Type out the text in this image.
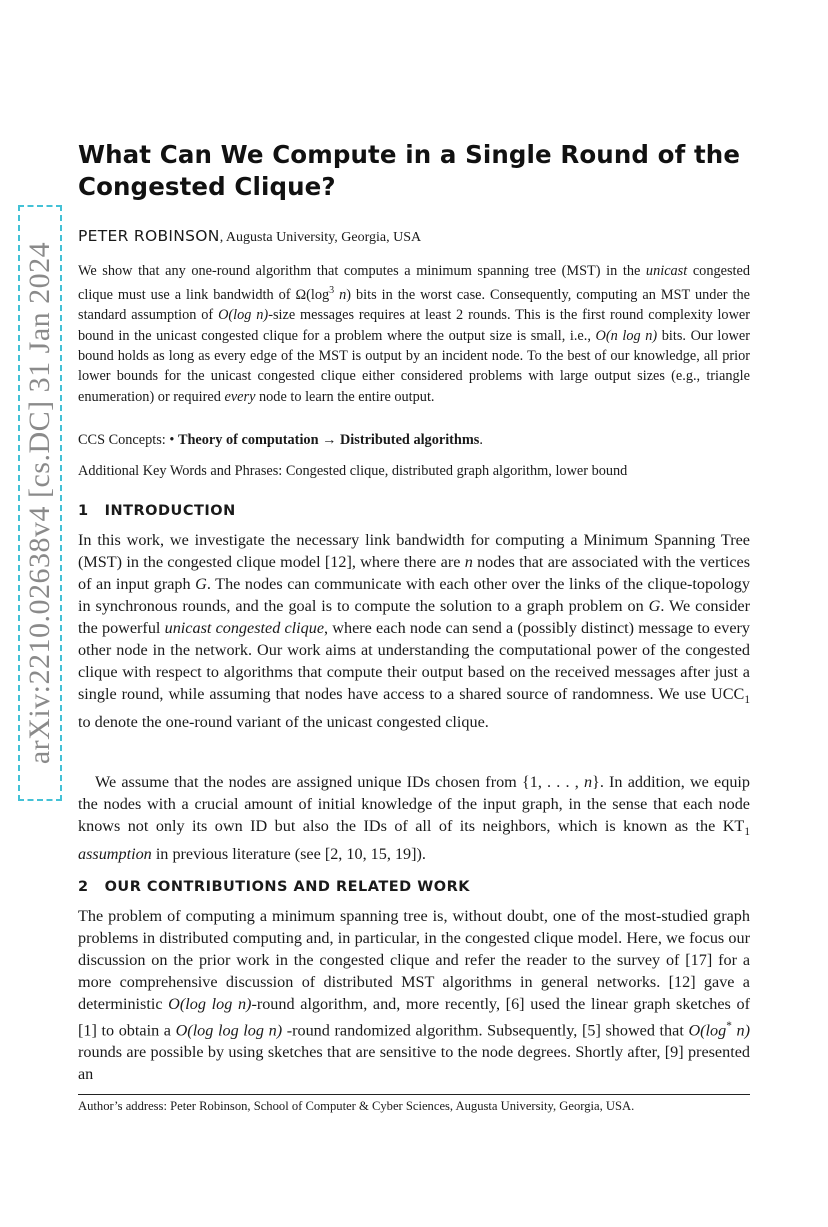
arXiv:2210.02638v4 [cs.DC] 31 Jan 2024
What Can We Compute in a Single Round of the Congested Clique?
PETER ROBINSON, Augusta University, Georgia, USA

We show that any one-round algorithm that computes a minimum spanning tree (MST) in the unicast congested clique must use a link bandwidth of $\Omega(\log^3$ n) bits in the worst case. Consequently, computing an MST under the standard assumption of O(log n)-size messages requires at least 2 rounds. This is the first round complexity lower bound in the unicast congested clique for a problem where the output size is small, i.e., O(n log n) bits. Our lower bound holds as long as every edge of the MST is output by an incident node. To the best of our knowledge, all prior lower bounds for the unicast congested clique either considered problems with large output sizes (e.g., triangle enumeration) or required every node to learn the entire output.

CCS Concepts: • Theory of computation → Distributed algorithms.
Additional Key Words and Phrases: Congested clique, distributed graph algorithm, lower bound
1 INTRODUCTION

In this work, we investigate the necessary link bandwidth for computing a Minimum Spanning Tree (MST) in the congested clique model [12], where there are n nodes that are associated with the vertices of an input graph G. The nodes can communicate with each other over the links of the clique-topology in synchronous rounds, and the goal is to compute the solution to a graph problem on G. We consider the powerful unicast congested clique, where each node can send a (possibly distinct) message to every other node in the network. Our work aims at understanding the computational power of the congested clique with respect to algorithms that compute their output based on the received messages after just a single round, while assuming that nodes have access to a shared source of randomness. We use $UCC_1$ to denote the one-round variant of the unicast congested clique.

We assume that the nodes are assigned unique IDs chosen from {1, . . . , n}. In addition, we equip the nodes with a crucial amount of initial knowledge of the input graph, in the sense that each node knows not only its own ID but also the IDs of all of its neighbors, which is known as the $KT_1$ assumption in previous literature (see [2, 10, 15, 19]).

2 OUR CONTRIBUTIONS AND RELATED WORK

The problem of computing a minimum spanning tree is, without doubt, one of the most-studied graph problems in distributed computing and, in particular, in the congested clique model. Here, we focus our discussion on the prior work in the congested clique and refer the reader to the survey of [17] for a more comprehensive discussion of distributed MST algorithms in general networks. [12] gave a deterministic O(log log n)-round algorithm, and, more recently, [6] used the linear graph sketches of [1] to obtain a O(log log log n) -round randomized algorithm. Subsequently, [5] showed that O(log* n) rounds are possible by using sketches that are sensitive to the node degrees. Shortly after, [9] presented an

Author’s address: Peter Robinson, School of Computer & Cyber Sciences, Augusta University, Georgia, USA.
